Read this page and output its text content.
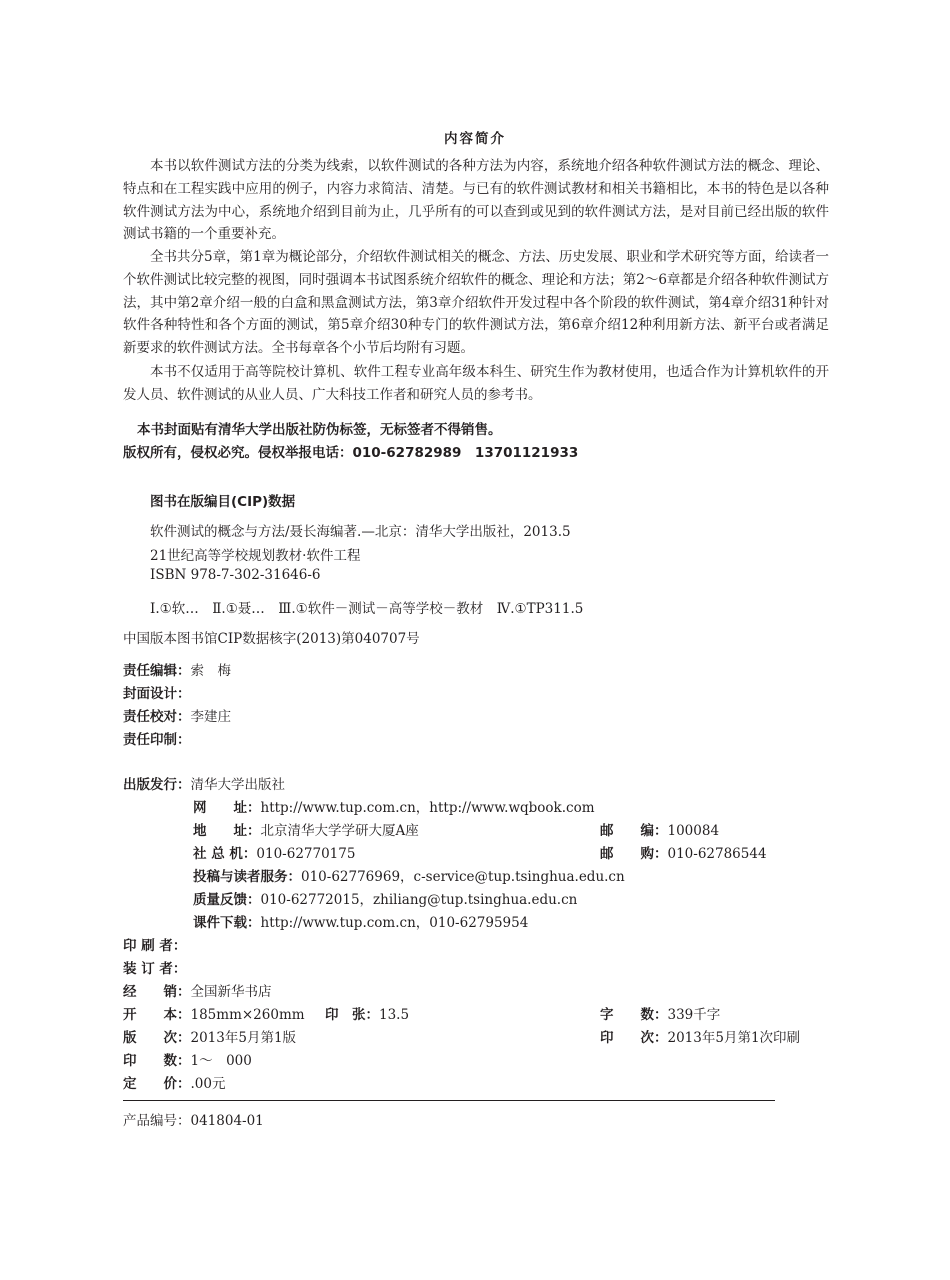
内容简介
本书以软件测试方法的分类为线索，以软件测试的各种方法为内容，系统地介绍各种软件测试方法的概念、理论、特点和在工程实践中应用的例子，内容力求简洁、清楚。与已有的软件测试教材和相关书籍相比，本书的特色是以各种软件测试方法为中心，系统地介绍到目前为止，几乎所有的可以查到或见到的软件测试方法，是对目前已经出版的软件测试书籍的一个重要补充。
全书共分5章，第1章为概论部分，介绍软件测试相关的概念、方法、历史发展、职业和学术研究等方面，给读者一个软件测试比较完整的视图，同时强调本书试图系统介绍软件的概念、理论和方法；第2～6章都是介绍各种软件测试方法，其中第2章介绍一般的白盒和黑盒测试方法，第3章介绍软件开发过程中各个阶段的软件测试，第4章介绍31种针对软件各种特性和各个方面的测试，第5章介绍30种专门的软件测试方法，第6章介绍12种利用新方法、新平台或者满足新要求的软件测试方法。全书每章各个小节后均附有习题。
本书不仅适用于高等院校计算机、软件工程专业高年级本科生、研究生作为教材使用，也适合作为计算机软件的开发人员、软件测试的从业人员、广大科技工作者和研究人员的参考书。
本书封面贴有清华大学出版社防伪标签，无标签者不得销售。
版权所有，侵权必究。侵权举报电话：010-62782989　13701121933
图书在版编目(CIP)数据
软件测试的概念与方法/聂长海编著.—北京：清华大学出版社，2013.5
21世纪高等学校规划教材·软件工程
ISBN 978-7-302-31646-6
Ⅰ.①软…　Ⅱ.①聂…　Ⅲ.①软件－测试－高等学校－教材　Ⅳ.①TP311.5
中国版本图书馆CIP数据核字(2013)第040707号
责任编辑：索　梅
封面设计：
责任校对：李建庄
责任印制：
出版发行：清华大学出版社
网　　址：http://www.tup.com.cn，http://www.wqbook.com
地　　址：北京清华大学学研大厦A座	邮　　编：100084
社 总 机：010-62770175	邮　　购：010-62786544
投稿与读者服务：010-62776969，c-service@tup.tsinghua.edu.cn
质量反馈：010-62772015，zhiliang@tup.tsinghua.edu.cn
课件下载：http://www.tup.com.cn，010-62795954
印 刷 者：
装 订 者：
经　　销：全国新华书店
开　　本：185mm×260mm 印　张：13.5	字　　数：339千字
版　　次：2013年5月第1版	印　　次：2013年5月第1次印刷
印　　数：1～　000
定　　价：.00元
产品编号：041804-01
